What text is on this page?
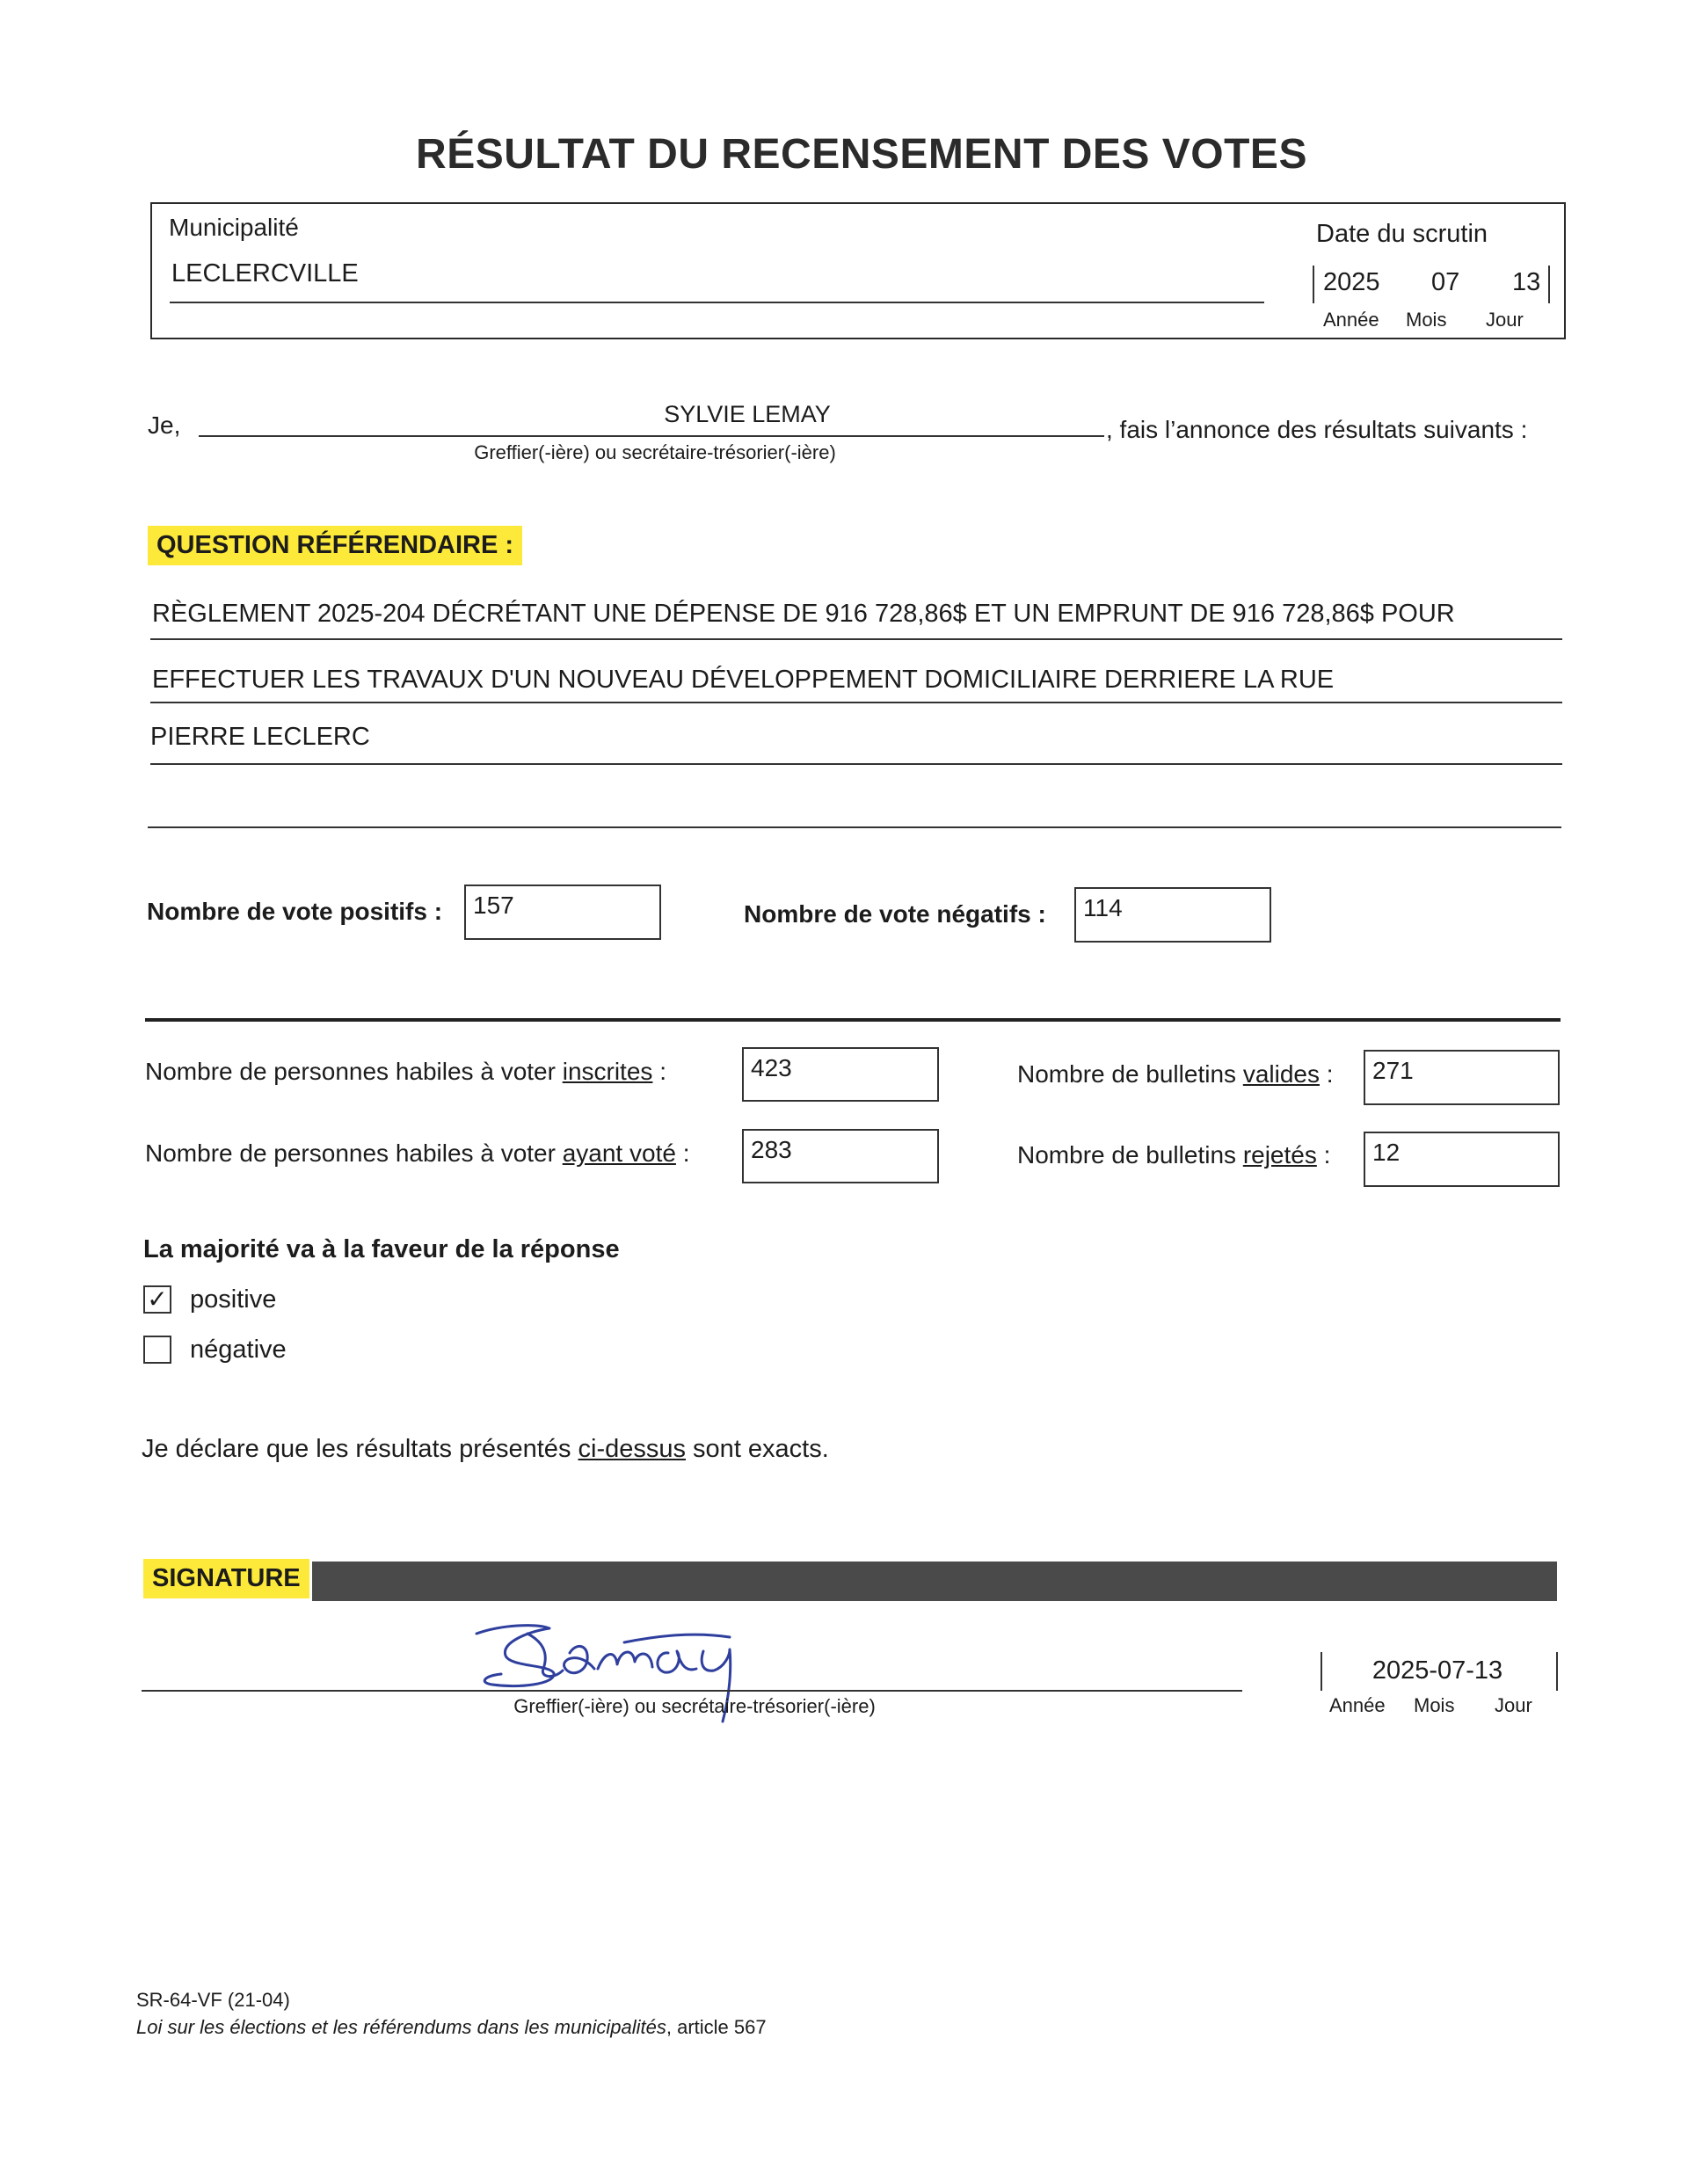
RÉSULTAT DU RECENSEMENT DES VOTES
Municipalité
LECLERCVILLE
Date du scrutin
2025 07 13
Année Mois Jour
Je,	SYLVIE LEMAY
Greffier(-ière) ou secrétaire-trésorier(-ière)
, fais l’annonce des résultats suivants :
QUESTION RÉFÉRENDAIRE :
RÈGLEMENT 2025-204 DÉCRÉTANT UNE DÉPENSE DE 916 728,86$ ET UN EMPRUNT DE 916 728,86$ POUR
EFFECTUER LES TRAVAUX D'UN NOUVEAU DÉVELOPPEMENT DOMICILIAIRE DERRIERE LA RUE
PIERRE LECLERC
Nombre de vote positifs :	157	Nombre de vote négatifs :	114
Nombre de personnes habiles à voter inscrites :	423	Nombre de bulletins valides :	271
Nombre de personnes habiles à voter ayant voté :	283	Nombre de bulletins rejetés :	12
La majorité va à la faveur de la réponse
✓ positive
négative
Je déclare que les résultats présentés ci-dessus sont exacts.
SIGNATURE
Greffier(-ière) ou secrétaire-trésorier(-ière)
2025-07-13
Année Mois Jour
SR-64-VF (21-04)
Loi sur les élections et les référendums dans les municipalités, article 567
